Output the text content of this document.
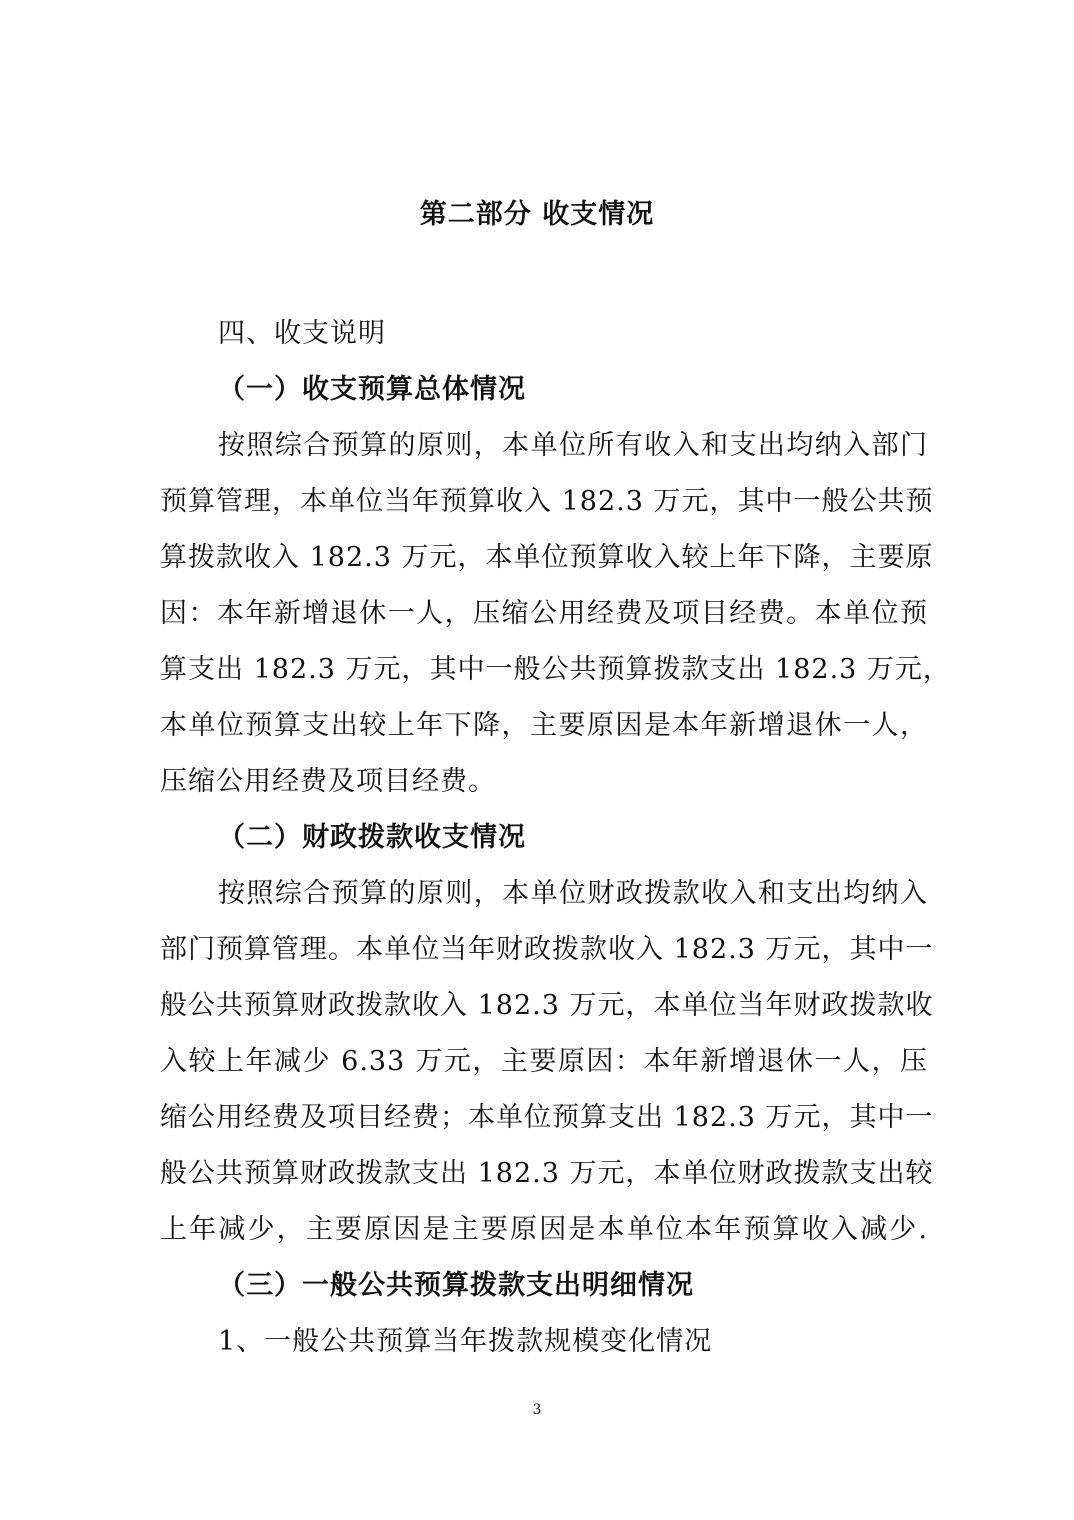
第二部分 收支情况
四、收支说明
（一）收支预算总体情况
按照综合预算的原则，本单位所有收入和支出均纳入部门
预算管理，本单位当年预算收入 182.3 万元，其中一般公共预
算拨款收入 182.3 万元，本单位预算收入较上年下降，主要原
因：本年新增退休一人，压缩公用经费及项目经费。本单位预
算支出 182.3 万元，其中一般公共预算拨款支出 182.3 万元，
本单位预算支出较上年下降，主要原因是本年新增退休一人，
压缩公用经费及项目经费。
（二）财政拨款收支情况
按照综合预算的原则，本单位财政拨款收入和支出均纳入
部门预算管理。本单位当年财政拨款收入 182.3 万元，其中一
般公共预算财政拨款收入 182.3 万元，本单位当年财政拨款收
入较上年减少 6.33 万元，主要原因：本年新增退休一人，压
缩公用经费及项目经费；本单位预算支出 182.3 万元，其中一
般公共预算财政拨款支出 182.3 万元，本单位财政拨款支出较
上年减少，主要原因是主要原因是本单位本年预算收入减少.
（三）一般公共预算拨款支出明细情况
1、一般公共预算当年拨款规模变化情况
3
